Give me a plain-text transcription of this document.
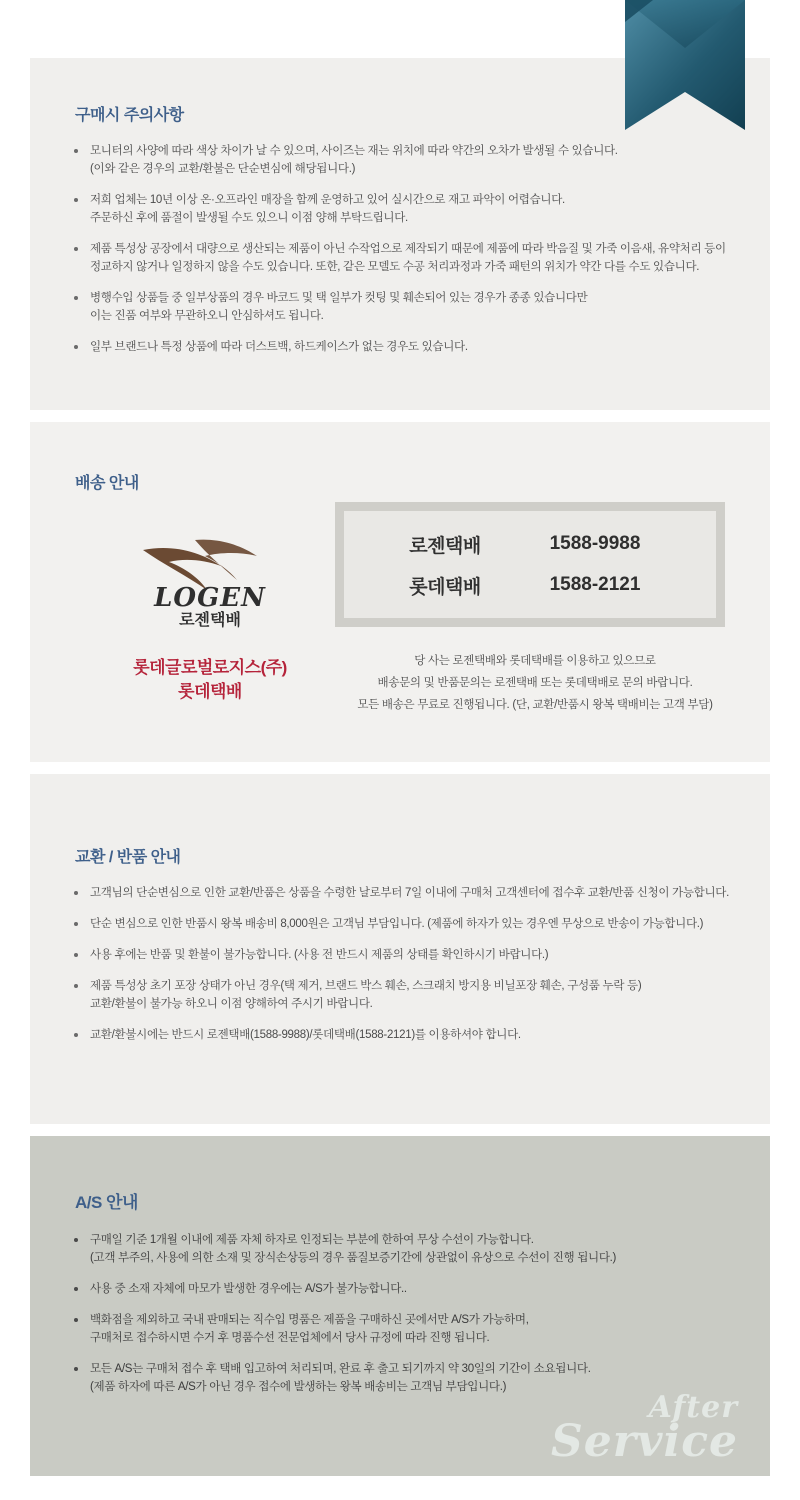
구매시 주의사항
모니터의 사양에 따라 색상 차이가 날 수 있으며, 사이즈는 재는 위치에 따라 약간의 오차가 발생될 수 있습니다.
(이와 같은 경우의 교환/환불은 단순변심에 해당됩니다.)
저희 업체는 10년 이상 온·오프라인 매장을 함께 운영하고 있어 실시간으로 재고 파악이 어렵습니다.
주문하신 후에 품절이 발생될 수도 있으니 이점 양해 부탁드립니다.
제품 특성상 공장에서 대량으로 생산되는 제품이 아닌 수작업으로 제작되기 때문에 제품에 따라 박음질 및 가죽 이음새, 유약처리 등이
정교하지 않거나 일정하지 않을 수도 있습니다. 또한, 같은 모델도 수공 처리과정과 가죽 패턴의 위치가 약간 다를 수도 있습니다.
병행수입 상품들 중 일부상품의 경우 바코드 및 택 일부가 컷팅 및 훼손되어 있는 경우가 종종 있습니다만
이는 진품 여부와 무관하오니 안심하셔도 됩니다.
일부 브랜드나 특정 상품에 따라 더스트백, 하드케이스가 없는 경우도 있습니다.
배송 안내
LOGEN
로젠택배
롯데글로벌로지스(주)
롯데택배
로젠택배	1588-9988
롯데택배	1588-2121
당 사는 로젠택배와 롯데택배를 이용하고 있으므로
배송문의 및 반품문의는 로젠택배 또는 롯데택배로 문의 바랍니다.
모든 배송은 무료로 진행됩니다. (단, 교환/반품시 왕복 택배비는 고객 부담)
교환 / 반품 안내
고객님의 단순변심으로 인한 교환/반품은 상품을 수령한 날로부터 7일 이내에 구매처 고객센터에 접수후 교환/반품 신청이 가능합니다.
단순 변심으로 인한 반품시 왕복 배송비 8,000원은 고객님 부담입니다. (제품에 하자가 있는 경우엔 무상으로 반송이 가능합니다.)
사용 후에는 반품 및 환불이 불가능합니다. (사용 전 반드시 제품의 상태를 확인하시기 바랍니다.)
제품 특성상 초기 포장 상태가 아닌 경우(택 제거, 브랜드 박스 훼손, 스크래치 방지용 비닐포장 훼손, 구성품 누락 등)
교환/환불이 불가능 하오니 이점 양해하여 주시기 바랍니다.
교환/환불시에는 반드시 로젠택배(1588-9988)/롯데택배(1588-2121)를 이용하셔야 합니다.
A/S 안내
구매일 기준 1개월 이내에 제품 자체 하자로 인정되는 부분에 한하여 무상 수선이 가능합니다.
(고객 부주의, 사용에 의한 소재 및 장식손상등의 경우 품질보증기간에 상관없이 유상으로 수선이 진행 됩니다.)
사용 중 소재 자체에 마모가 발생한 경우에는 A/S가 불가능합니다..
백화점을 제외하고 국내 판매되는 직수입 명품은 제품을 구매하신 곳에서만 A/S가 가능하며,
구매처로 접수하시면 수거 후 명품수선 전문업체에서 당사 규정에 따라 진행 됩니다.
모든 A/S는 구매처 접수 후 택배 입고하여 처리되며, 완료 후 출고 되기까지 약 30일의 기간이 소요됩니다.
(제품 하자에 따른 A/S가 아닌 경우 접수에 발생하는 왕복 배송비는 고객님 부담입니다.)
After
Service
